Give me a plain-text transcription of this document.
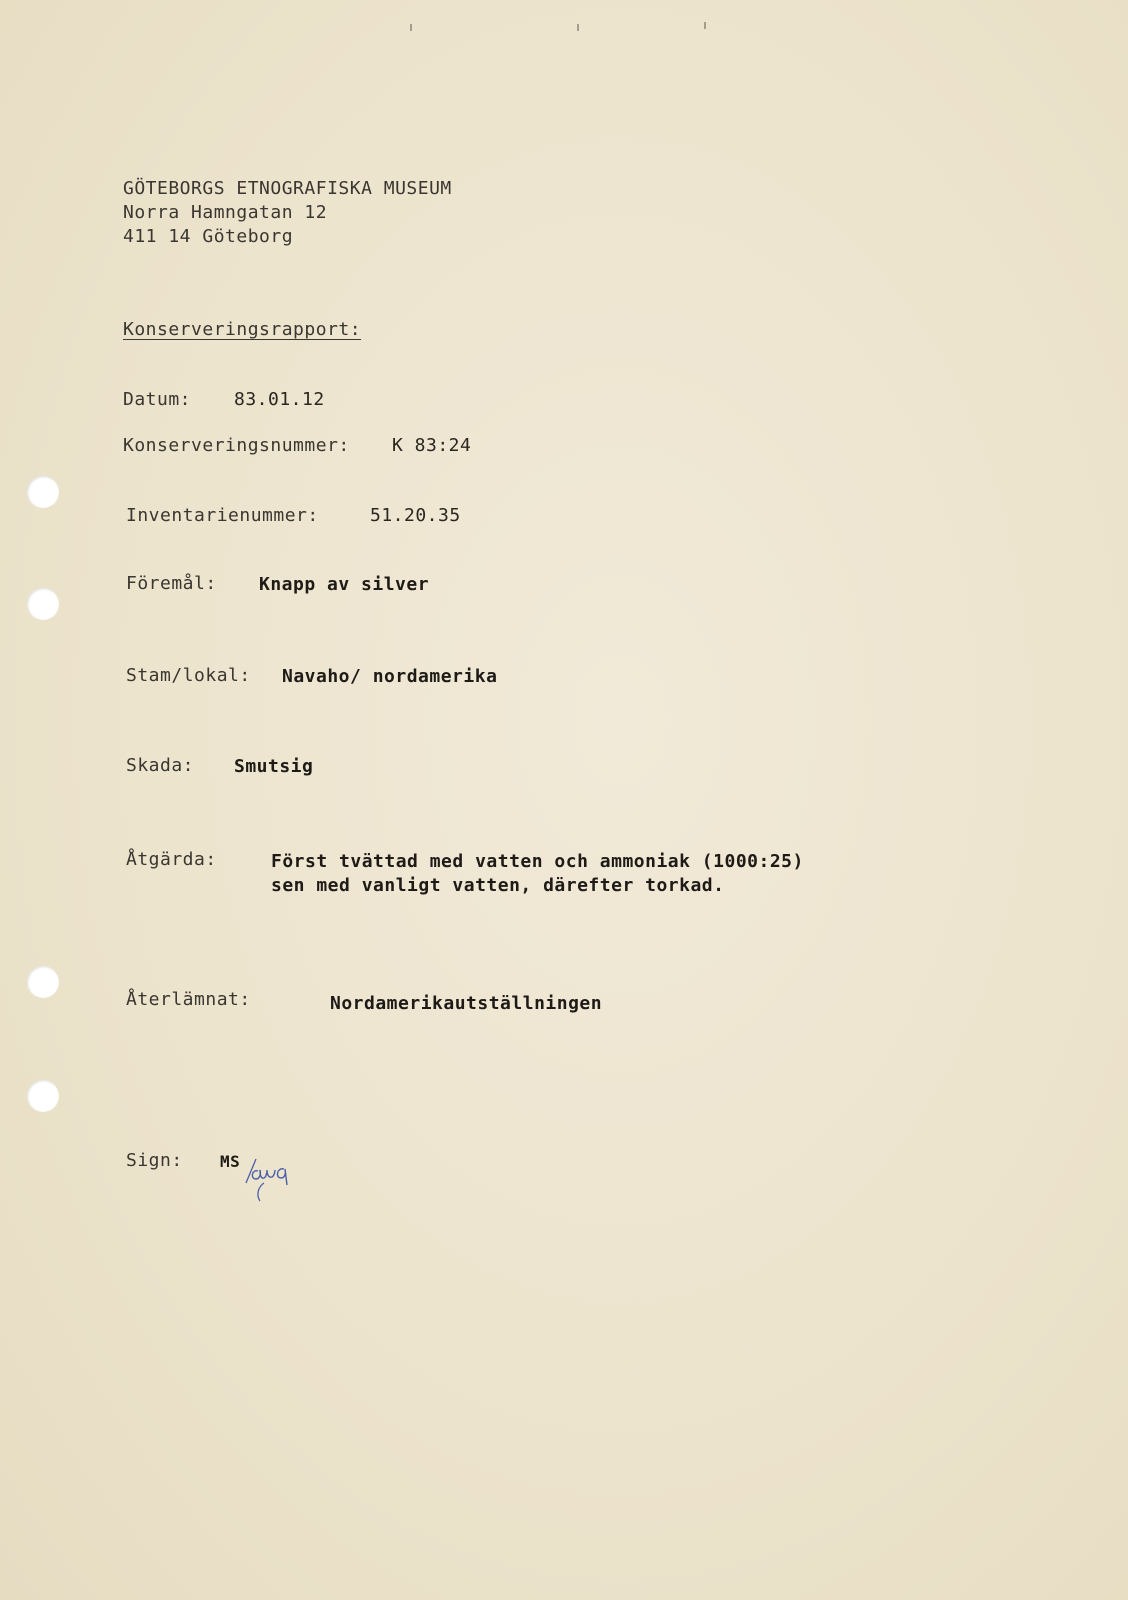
GÖTEBORGS ETNOGRAFISKA MUSEUM
Norra Hamngatan 12
411 14 Göteborg
Konserveringsrapport:
Datum: 83.01.12
Konserveringsnummer: K 83:24
Inventarienummer:	51.20.35
Föremål: Knapp av silver
Stam/lokal: Navaho/ nordamerika
Skada: Smutsig
Åtgärda:	Först tvättad med vatten och ammoniak (1000:25)
sen med vanligt vatten, därefter torkad.
Återlämnat:	Nordamerikautställningen
Sign: MS
